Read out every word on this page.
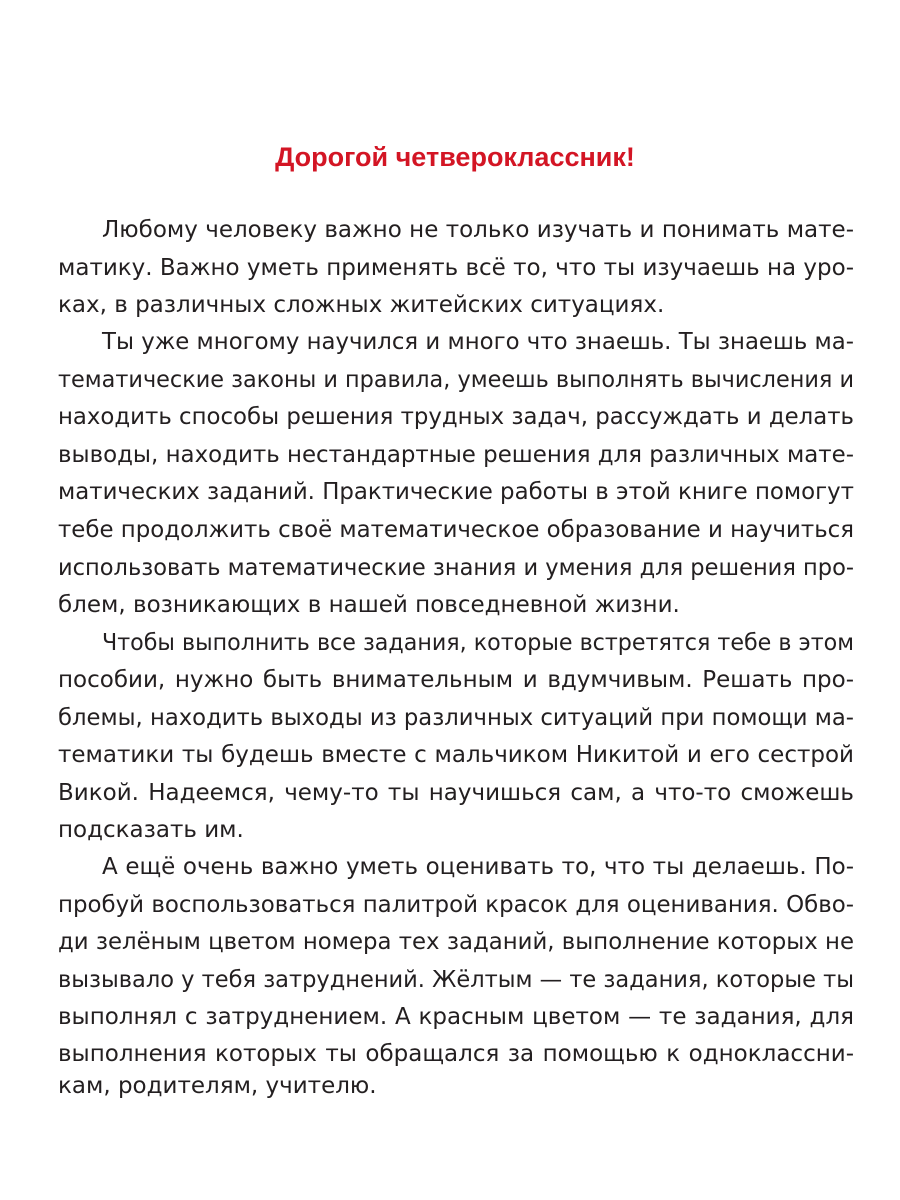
Дорогой четвероклассник!
Любому человеку важно не только изучать и понимать мате-
матику. Важно уметь применять всё то, что ты изучаешь на уро-
ках, в различных сложных житейских ситуациях.
Ты уже многому научился и много что знаешь. Ты знаешь ма-
тематические законы и правила, умеешь выполнять вычисления и
находить способы решения трудных задач, рассуждать и делать
выводы, находить нестандартные решения для различных мате-
матических заданий. Практические работы в этой книге помогут
тебе продолжить своё математическое образование и научиться
использовать математические знания и умения для решения про-
блем, возникающих в нашей повседневной жизни.
Чтобы выполнить все задания, которые встретятся тебе в этом
пособии, нужно быть внимательным и вдумчивым. Решать про-
блемы, находить выходы из различных ситуаций при помощи ма-
тематики ты будешь вместе с мальчиком Никитой и его сестрой
Викой. Надеемся, чему-то ты научишься сам, а что-то сможешь
подсказать им.
А ещё очень важно уметь оценивать то, что ты делаешь. По-
пробуй воспользоваться палитрой красок для оценивания. Обво-
ди зелёным цветом номера тех заданий, выполнение которых не
вызывало у тебя затруднений. Жёлтым — те задания, которые ты
выполнял с затруднением. А красным цветом — те задания, для
выполнения которых ты обращался за помощью к одноклассни-
кам, родителям, учителю.
